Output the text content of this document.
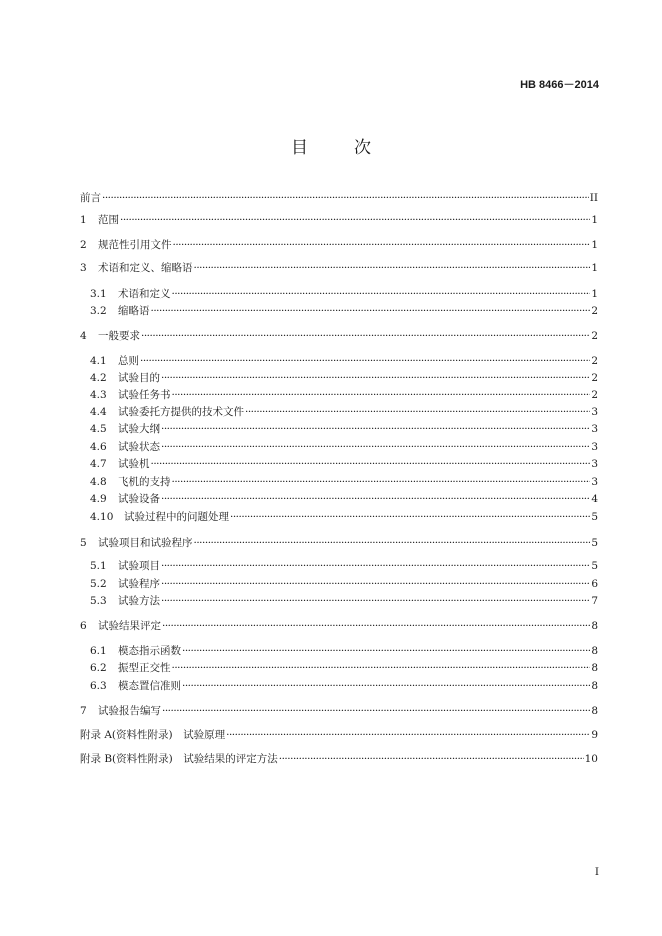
HB 8466－2014
目	次
前言 ·····	II
1	范围 ·····	1
2	规范性引用文件 ·····	1
3	术语和定义、缩略语 ·····	1
3.1	术语和定义 ·····	1
3.2	缩略语 ·····	2
4	一般要求 ·····	2
4.1	总则 ·····	2
4.2	试验目的 ·····	2
4.3	试验任务书 ·····	2
4.4	试验委托方提供的技术文件 ·····	3
4.5	试验大纲 ·····	3
4.6	试验状态 ·····	3
4.7	试验机 ·····	3
4.8	飞机的支持 ·····	3
4.9	试验设备 ·····	4
4.10	试验过程中的问题处理 ·····	5
5	试验项目和试验程序 ·····	5
5.1	试验项目 ·····	5
5.2	试验程序 ·····	6
5.3	试验方法 ·····	7
6	试验结果评定 ·····	8
6.1	模态指示函数 ·····	8
6.2	振型正交性 ·····	8
6.3	模态置信准则 ·····	8
7	试验报告编写 ·····	8
附录 A(资料性附录)　试验原理 ·····	9
附录 B(资料性附录)　试验结果的评定方法 ·····	10
I
